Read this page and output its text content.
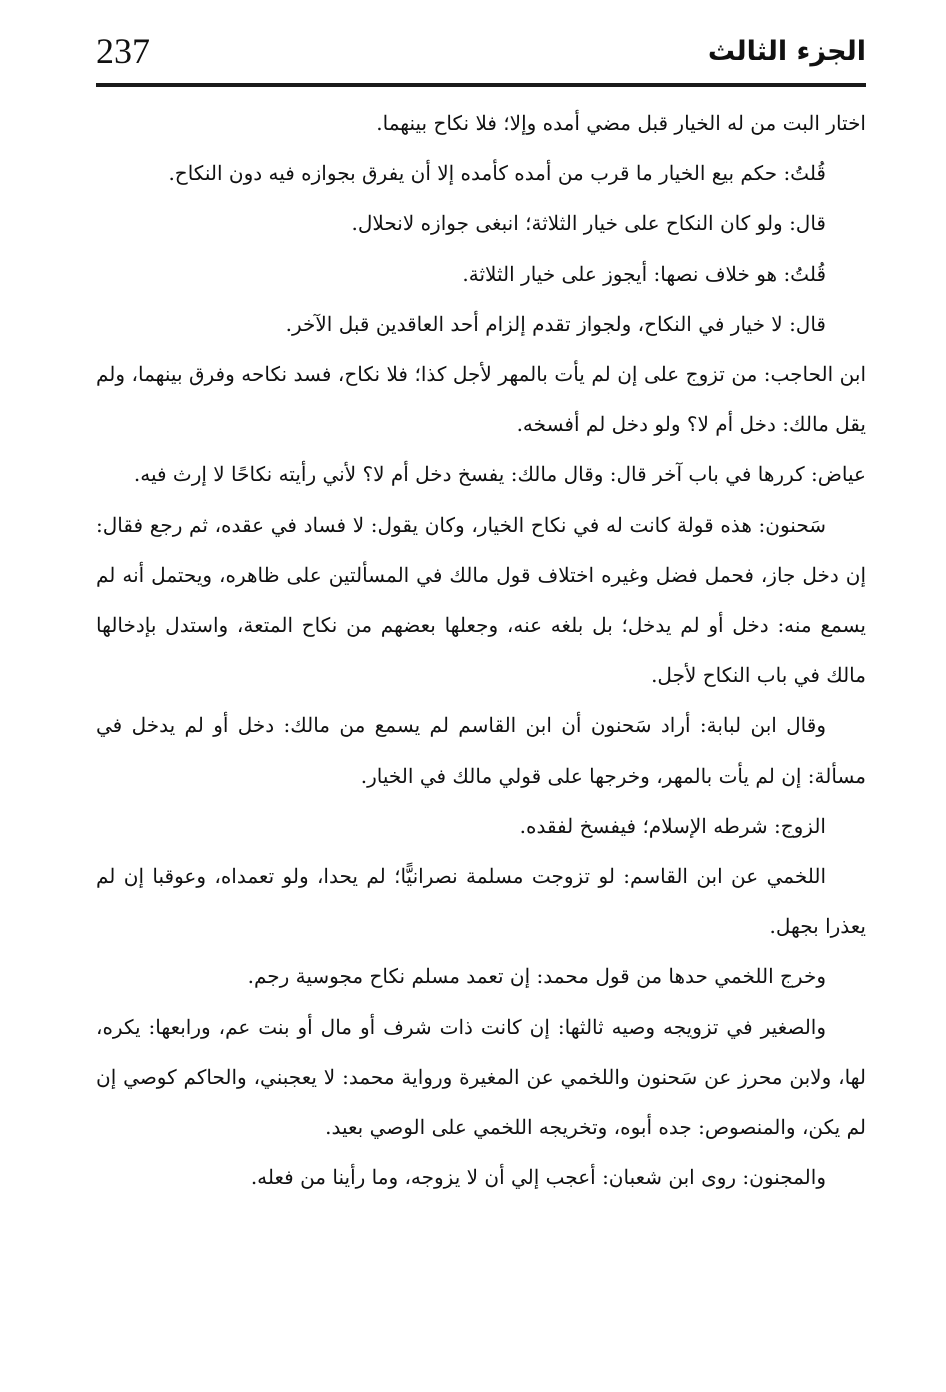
237	الجزء الثالث

اختار البت من له الخيار قبل مضي أمده وإلا؛ فلا نكاح بينهما.

قُلتُ: حكم بيع الخيار ما قرب من أمده كأمده إلا أن يفرق بجوازه فيه دون النكاح.

قال: ولو كان النكاح على خيار الثلاثة؛ انبغى جوازه لانحلال.

قُلتُ: هو خلاف نصها: أيجوز على خيار الثلاثة.

قال: لا خيار في النكاح، ولجواز تقدم إلزام أحد العاقدين قبل الآخر.

ابن الحاجب: من تزوج على إن لم يأت بالمهر لأجل كذا؛ فلا نكاح، فسد نكاحه وفرق بينهما، ولم يقل مالك: دخل أم لا؟ ولو دخل لم أفسخه.

عياض: كررها في باب آخر قال: وقال مالك: يفسخ دخل أم لا؟ لأني رأيته نكاحًا لا إرث فيه.

سَحنون: هذه قولة كانت له في نكاح الخيار، وكان يقول: لا فساد في عقده، ثم رجع فقال: إن دخل جاز، فحمل فضل وغيره اختلاف قول مالك في المسألتين على ظاهره، ويحتمل أنه لم يسمع منه: دخل أو لم يدخل؛ بل بلغه عنه، وجعلها بعضهم من نكاح المتعة، واستدل بإدخالها مالك في باب النكاح لأجل.

وقال ابن لبابة: أراد سَحنون أن ابن القاسم لم يسمع من مالك: دخل أو لم يدخل في مسألة: إن لم يأت بالمهر، وخرجها على قولي مالك في الخيار.

الزوج: شرطه الإسلام؛ فيفسخ لفقده.

اللخمي عن ابن القاسم: لو تزوجت مسلمة نصرانيًّا؛ لم يحدا، ولو تعمداه، وعوقبا إن لم يعذرا بجهل.

وخرج اللخمي حدها من قول محمد: إن تعمد مسلم نكاح مجوسية رجم.

والصغير في تزويجه وصيه ثالثها: إن كانت ذات شرف أو مال أو بنت عم، ورابعها: يكره، لها، ولابن محرز عن سَحنون واللخمي عن المغيرة ورواية محمد: لا يعجبني، والحاكم كوصي إن لم يكن، والمنصوص: جده أبوه، وتخريجه اللخمي على الوصي بعيد.

والمجنون: روى ابن شعبان: أعجب إلي أن لا يزوجه، وما رأينا من فعله.
